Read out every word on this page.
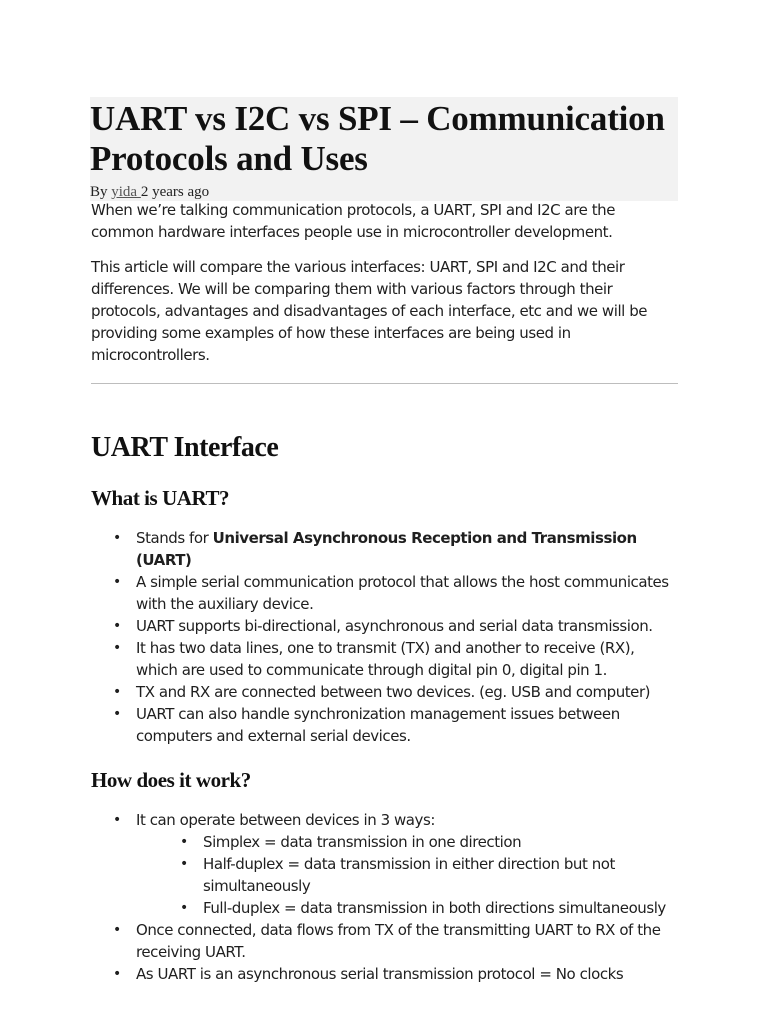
UART vs I2C vs SPI – Communication Protocols and Uses
By yida 2 years ago

When we’re talking communication protocols, a UART, SPI and I2C are the common hardware interfaces people use in microcontroller development.

This article will compare the various interfaces: UART, SPI and I2C and their differences. We will be comparing them with various factors through their protocols, advantages and disadvantages of each interface, etc and we will be providing some examples of how these interfaces are being used in microcontrollers.

UART Interface
What is UART?
• Stands for Universal Asynchronous Reception and Transmission (UART)
• A simple serial communication protocol that allows the host communicates with the auxiliary device.
• UART supports bi-directional, asynchronous and serial data transmission.
• It has two data lines, one to transmit (TX) and another to receive (RX), which are used to communicate through digital pin 0, digital pin 1.
• TX and RX are connected between two devices. (eg. USB and computer)
• UART can also handle synchronization management issues between computers and external serial devices.
How does it work?
• It can operate between devices in 3 ways:
• Simplex = data transmission in one direction
• Half-duplex = data transmission in either direction but not simultaneously
• Full-duplex = data transmission in both directions simultaneously
• Once connected, data flows from TX of the transmitting UART to RX of the receiving UART.
• As UART is an asynchronous serial transmission protocol = No clocks
